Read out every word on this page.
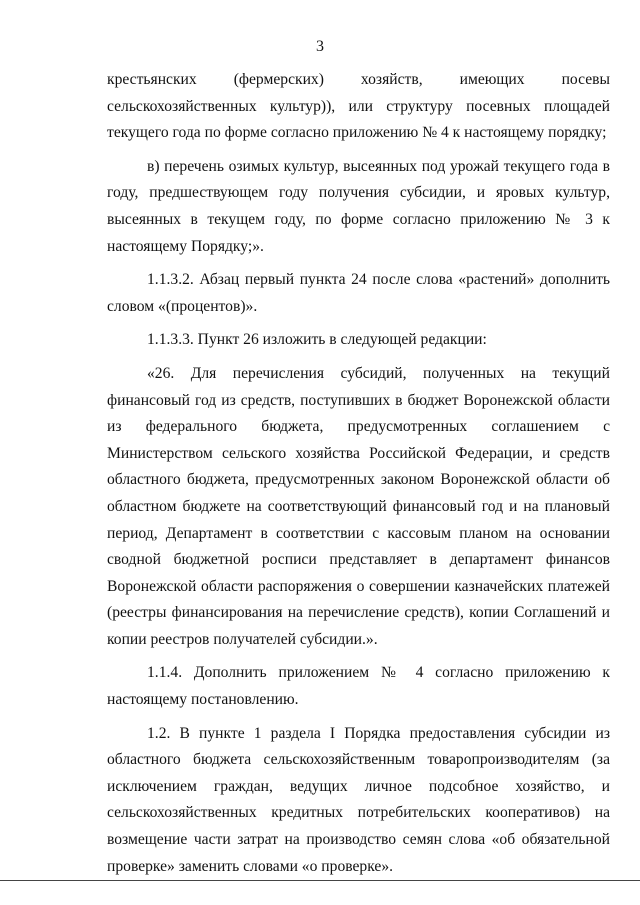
3

крестьянских (фермерских) хозяйств, имеющих посевы сельскохозяйственных культур)), или структуру посевных площадей текущего года по форме согласно приложению № 4 к настоящему порядку;

в) перечень озимых культур, высеянных под урожай текущего года в году, предшествующем году получения субсидии, и яровых культур, высеянных в текущем году, по форме согласно приложению № 3 к настоящему Порядку;».

1.1.3.2. Абзац первый пункта 24 после слова «растений» дополнить словом «(процентов)».

1.1.3.3. Пункт 26 изложить в следующей редакции:

«26. Для перечисления субсидий, полученных на текущий финансовый год из средств, поступивших в бюджет Воронежской области из федерального бюджета, предусмотренных соглашением с Министерством сельского хозяйства Российской Федерации, и средств областного бюджета, предусмотренных законом Воронежской области об областном бюджете на соответствующий финансовый год и на плановый период, Департамент в соответствии с кассовым планом на основании сводной бюджетной росписи представляет в департамент финансов Воронежской области распоряжения о совершении казначейских платежей (реестры финансирования на перечисление средств), копии Соглашений и копии реестров получателей субсидии.».

1.1.4. Дополнить приложением № 4 согласно приложению к настоящему постановлению.

1.2. В пункте 1 раздела I Порядка предоставления субсидии из областного бюджета сельскохозяйственным товаропроизводителям (за исключением граждан, ведущих личное подсобное хозяйство, и сельскохозяйственных кредитных потребительских кооперативов) на возмещение части затрат на производство семян слова «об обязательной проверке» заменить словами «о проверке».
